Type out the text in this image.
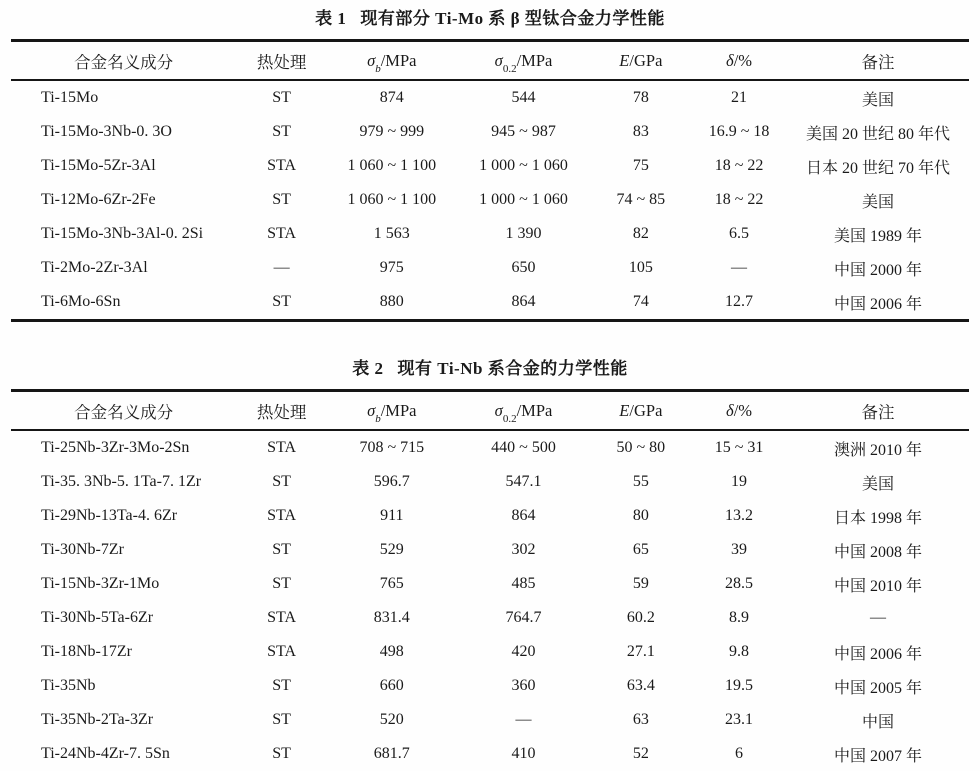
表 1 现有部分 Ti-Mo 系 β 型钛合金力学性能
合金名义成分	热处理	$\sigma_b$/MPa	$\sigma_{0.2}$/MPa	E/GPa	δ/%	备注
Ti-15Mo	ST	874	544	78	21	美国
Ti-15Mo-3Nb-0. 3O	ST	979 ~ 999	945 ~ 987	83	16.9 ~ 18	美国 20 世纪 80 年代
Ti-15Mo-5Zr-3Al	STA	1 060 ~ 1 100	1 000 ~ 1 060	75	18 ~ 22	日本 20 世纪 70 年代
Ti-12Mo-6Zr-2Fe	ST	1 060 ~ 1 100	1 000 ~ 1 060	74 ~ 85	18 ~ 22	美国
Ti-15Mo-3Nb-3Al-0. 2Si	STA	1 563	1 390	82	6.5	美国 1989 年
Ti-2Mo-2Zr-3Al	—	975	650	105	—	中国 2000 年
Ti-6Mo-6Sn	ST	880	864	74	12.7	中国 2006 年
表 2 现有 Ti-Nb 系合金的力学性能
合金名义成分	热处理	$\sigma_b$/MPa	$\sigma_{0.2}$/MPa	E/GPa	δ/%	备注
Ti-25Nb-3Zr-3Mo-2Sn	STA	708 ~ 715	440 ~ 500	50 ~ 80	15 ~ 31	澳洲 2010 年
Ti-35. 3Nb-5. 1Ta-7. 1Zr	ST	596.7	547.1	55	19	美国
Ti-29Nb-13Ta-4. 6Zr	STA	911	864	80	13.2	日本 1998 年
Ti-30Nb-7Zr	ST	529	302	65	39	中国 2008 年
Ti-15Nb-3Zr-1Mo	ST	765	485	59	28.5	中国 2010 年
Ti-30Nb-5Ta-6Zr	STA	831.4	764.7	60.2	8.9	—
Ti-18Nb-17Zr	STA	498	420	27.1	9.8	中国 2006 年
Ti-35Nb	ST	660	360	63.4	19.5	中国 2005 年
Ti-35Nb-2Ta-3Zr	ST	520	—	63	23.1	中国
Ti-24Nb-4Zr-7. 5Sn	ST	681.7	410	52	6	中国 2007 年
